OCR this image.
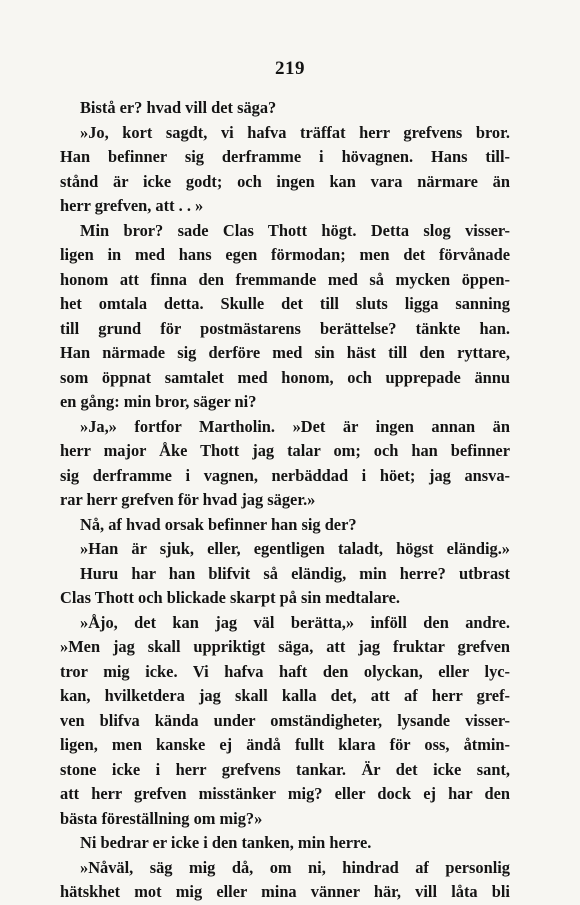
219
Bistå er? hvad vill det säga?
»Jo, kort sagdt, vi hafva träffat herr grefvens bror.
Han befinner sig derframme i hövagnen. Hans till-
stånd är icke godt; och ingen kan vara närmare än
herr grefven, att . . »
Min bror? sade Clas Thott högt. Detta slog visser-
ligen in med hans egen förmodan; men det förvånade
honom att finna den fremmande med så mycken öppen-
het omtala detta. Skulle det till sluts ligga sanning
till grund för postmästarens berättelse? tänkte han.
Han närmade sig derföre med sin häst till den ryttare,
som öppnat samtalet med honom, och upprepade ännu
en gång: min bror, säger ni?
»Ja,» fortfor Martholin. »Det är ingen annan än
herr major Åke Thott jag talar om; och han befinner
sig derframme i vagnen, nerbäddad i höet; jag ansva-
rar herr grefven för hvad jag säger.»
Nå, af hvad orsak befinner han sig der?
»Han är sjuk, eller, egentligen taladt, högst eländig.»
Huru har han blifvit så eländig, min herre? utbrast
Clas Thott och blickade skarpt på sin medtalare.
»Åjo, det kan jag väl berätta,» inföll den andre.
»Men jag skall uppriktigt säga, att jag fruktar grefven
tror mig icke. Vi hafva haft den olyckan, eller lyc-
kan, hvilketdera jag skall kalla det, att af herr gref-
ven blifva kända under omständigheter, lysande visser-
ligen, men kanske ej ändå fullt klara för oss, åtmin-
stone icke i herr grefvens tankar. Är det icke sant,
att herr grefven misstänker mig? eller dock ej har den
bästa föreställning om mig?»
Ni bedrar er icke i den tanken, min herre.
»Nåväl, säg mig då, om ni, hindrad af personlig
hätskhet mot mig eller mina vänner här, vill låta bli
